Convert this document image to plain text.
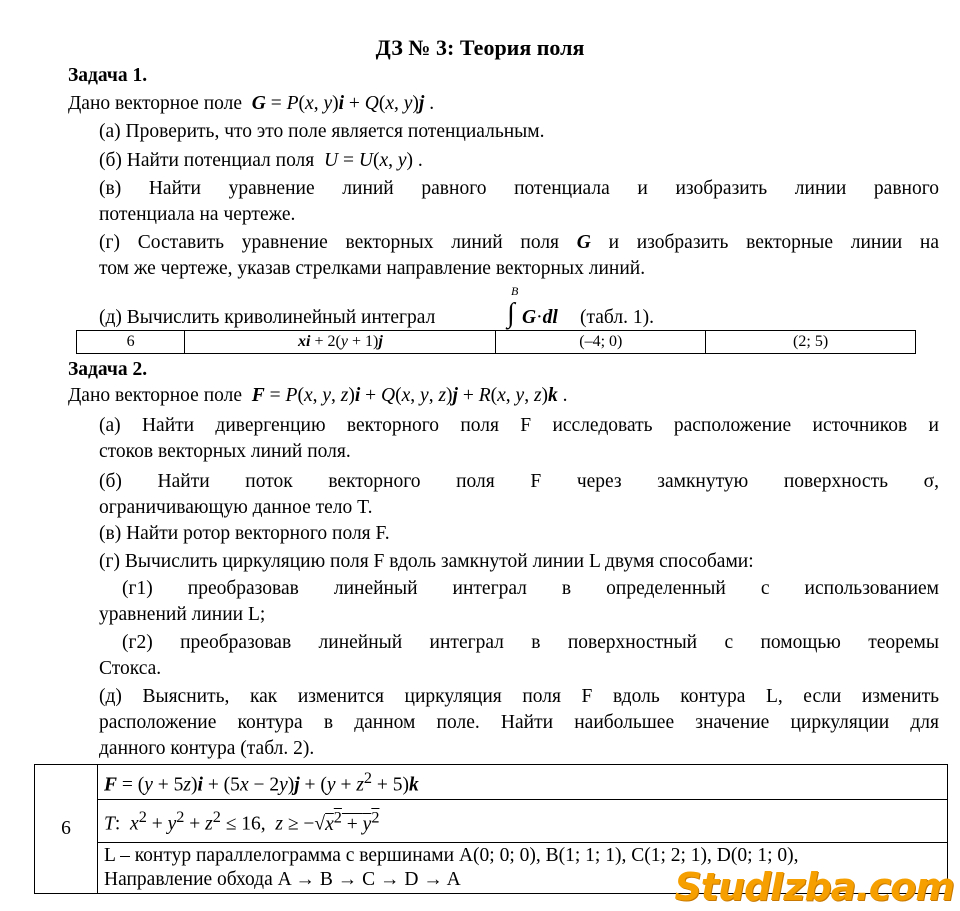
ДЗ № 3: Теория поля
Задача 1.
Дано векторное поле G = P(x, y)i + Q(x, y)j .
(а) Проверить, что это поле является потенциальным.
(б) Найти потенциал поля U = U(x, y) .
(в) Найти уравнение линий равного потенциала и изобразить линии равного
потенциала на чертеже.
(г) Составить уравнение векторных линий поля G и изобразить векторные линии на
том же чертеже, указав стрелками направление векторных линий.
(д) Вычислить криволинейный интеграл
B
∫ G·dl (табл. 1).
6	xi + 2(y + 1)j	(–4; 0)	(2; 5)
Задача 2.
Дано векторное поле F = P(x, y, z)i + Q(x, y, z)j + R(x, y, z)k .
(а) Найти дивергенцию векторного поля F исследовать расположение источников и
стоков векторных линий поля.
(б) Найти поток векторного поля F через замкнутую поверхность σ,
ограничивающую данное тело T.
(в) Найти ротор векторного поля F.
(г) Вычислить циркуляцию поля F вдоль замкнутой линии L двумя способами:
(г1) преобразовав линейный интеграл в определенный с использованием
уравнений линии L;
(г2) преобразовав линейный интеграл в поверхностный с помощью теоремы
Стокса.
(д) Выяснить, как изменится циркуляция поля F вдоль контура L, если изменить
расположение контура в данном поле. Найти наибольшее значение циркуляции для
данного контура (табл. 2).
6	$F = (y + 5z)i + (5x - 2y)j + (y + z^2 + 5)k$
T:  $x^2 + y^2 + z^2 \le 16$,  $z \ge -√x^2 + y^2$

L – контур параллелограмма с вершинами A(0; 0; 0), B(1; 1; 1), C(1; 2; 1), D(0; 1; 0),
Направление обхода A → B → C → D → A	StudIzba.com
